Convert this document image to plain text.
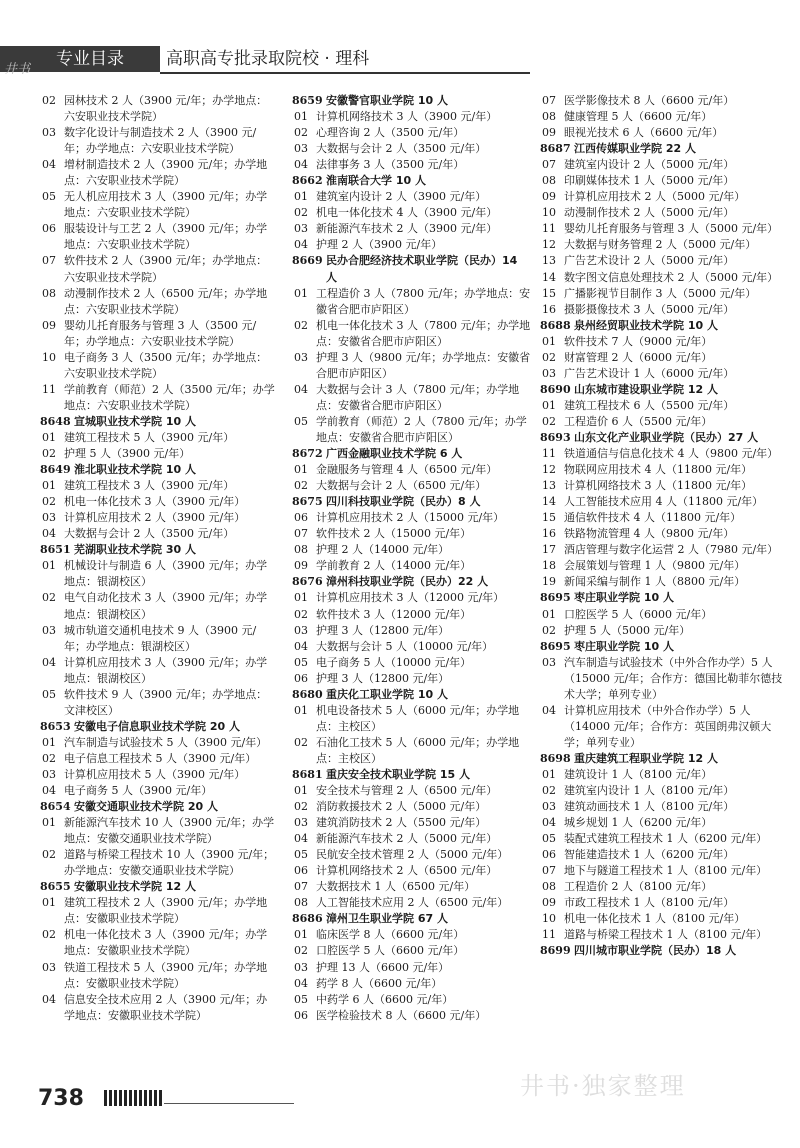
专业目录	高职高专批录取院校 · 理科
井书
02 园林技术 2 人（3900 元/年；办学地点：六安职业技术学院）
03 数字化设计与制造技术 2 人（3900 元/年；办学地点：六安职业技术学院）
04 增材制造技术 2 人（3900 元/年；办学地点：六安职业技术学院）
05 无人机应用技术 3 人（3900 元/年；办学地点：六安职业技术学院）
06 服装设计与工艺 2 人（3900 元/年；办学地点：六安职业技术学院）
07 软件技术 2 人（3900 元/年；办学地点：六安职业技术学院）
08 动漫制作技术 2 人（6500 元/年；办学地点：六安职业技术学院）
09 婴幼儿托育服务与管理 3 人（3500 元/年；办学地点：六安职业技术学院）
10 电子商务 3 人（3500 元/年；办学地点：六安职业技术学院）
11 学前教育（师范）2 人（3500 元/年；办学地点：六安职业技术学院）
8648 宣城职业技术学院 10 人
01 建筑工程技术 5 人（3900 元/年）
02 护理 5 人（3900 元/年）
8649 淮北职业技术学院 10 人
01 建筑工程技术 3 人（3900 元/年）
02 机电一体化技术 3 人（3900 元/年）
03 计算机应用技术 2 人（3900 元/年）
04 大数据与会计 2 人（3500 元/年）
8651 芜湖职业技术学院 30 人
01 机械设计与制造 6 人（3900 元/年；办学地点：银湖校区）
02 电气自动化技术 3 人（3900 元/年；办学地点：银湖校区）
03 城市轨道交通机电技术 9 人（3900 元/年；办学地点：银湖校区）
04 计算机应用技术 3 人（3900 元/年；办学地点：银湖校区）
05 软件技术 9 人（3900 元/年；办学地点：文津校区）
8653 安徽电子信息职业技术学院 20 人
01 汽车制造与试验技术 5 人（3900 元/年）
02 电子信息工程技术 5 人（3900 元/年）
03 计算机应用技术 5 人（3900 元/年）
04 电子商务 5 人（3900 元/年）
8654 安徽交通职业技术学院 20 人
01 新能源汽车技术 10 人（3900 元/年；办学地点：安徽交通职业技术学院）
02 道路与桥梁工程技术 10 人（3900 元/年；办学地点：安徽交通职业技术学院）
8655 安徽职业技术学院 12 人
01 建筑工程技术 2 人（3900 元/年；办学地点：安徽职业技术学院）
02 机电一体化技术 3 人（3900 元/年；办学地点：安徽职业技术学院）
03 铁道工程技术 5 人（3900 元/年；办学地点：安徽职业技术学院）
04 信息安全技术应用 2 人（3900 元/年；办学地点：安徽职业技术学院）
8659 安徽警官职业学院 10 人
01 计算机网络技术 3 人（3900 元/年）
02 心理咨询 2 人（3500 元/年）
03 大数据与会计 2 人（3500 元/年）
04 法律事务 3 人（3500 元/年）
8662 淮南联合大学 10 人
01 建筑室内设计 2 人（3900 元/年）
02 机电一体化技术 4 人（3900 元/年）
03 新能源汽车技术 2 人（3900 元/年）
04 护理 2 人（3900 元/年）
8669 民办合肥经济技术职业学院（民办）14 人
01 工程造价 3 人（7800 元/年；办学地点：安徽省合肥市庐阳区）
02 机电一体化技术 3 人（7800 元/年；办学地点：安徽省合肥市庐阳区）
03 护理 3 人（9800 元/年；办学地点：安徽省合肥市庐阳区）
04 大数据与会计 3 人（7800 元/年；办学地点：安徽省合肥市庐阳区）
05 学前教育（师范）2 人（7800 元/年；办学地点：安徽省合肥市庐阳区）
8672 广西金融职业技术学院 6 人
01 金融服务与管理 4 人（6500 元/年）
02 大数据与会计 2 人（6500 元/年）
8675 四川科技职业学院（民办）8 人
06 计算机应用技术 2 人（15000 元/年）
07 软件技术 2 人（15000 元/年）
08 护理 2 人（14000 元/年）
09 学前教育 2 人（14000 元/年）
8676 漳州科技职业学院（民办）22 人
01 计算机应用技术 3 人（12000 元/年）
02 软件技术 3 人（12000 元/年）
03 护理 3 人（12800 元/年）
04 大数据与会计 5 人（10000 元/年）
05 电子商务 5 人（10000 元/年）
06 护理 3 人（12800 元/年）
8680 重庆化工职业学院 10 人
01 机电设备技术 5 人（6000 元/年；办学地点：主校区）
02 石油化工技术 5 人（6000 元/年；办学地点：主校区）
8681 重庆安全技术职业学院 15 人
01 安全技术与管理 2 人（6500 元/年）
02 消防救援技术 2 人（5000 元/年）
03 建筑消防技术 2 人（5500 元/年）
04 新能源汽车技术 2 人（5000 元/年）
05 民航安全技术管理 2 人（5000 元/年）
06 计算机网络技术 2 人（6500 元/年）
07 大数据技术 1 人（6500 元/年）
08 人工智能技术应用 2 人（6500 元/年）
8686 漳州卫生职业学院 67 人
01 临床医学 8 人（6600 元/年）
02 口腔医学 5 人（6600 元/年）
03 护理 13 人（6600 元/年）
04 药学 8 人（6600 元/年）
05 中药学 6 人（6600 元/年）
06 医学检验技术 8 人（6600 元/年）
07 医学影像技术 8 人（6600 元/年）
08 健康管理 5 人（6600 元/年）
09 眼视光技术 6 人（6600 元/年）
8687 江西传媒职业学院 22 人
07 建筑室内设计 2 人（5000 元/年）
08 印刷媒体技术 1 人（5000 元/年）
09 计算机应用技术 2 人（5000 元/年）
10 动漫制作技术 2 人（5000 元/年）
11 婴幼儿托育服务与管理 3 人（5000 元/年）
12 大数据与财务管理 2 人（5000 元/年）
13 广告艺术设计 2 人（5000 元/年）
14 数字图文信息处理技术 2 人（5000 元/年）
15 广播影视节目制作 3 人（5000 元/年）
16 摄影摄像技术 3 人（5000 元/年）
8688 泉州经贸职业技术学院 10 人
01 软件技术 7 人（9000 元/年）
02 财富管理 2 人（6000 元/年）
03 广告艺术设计 1 人（6000 元/年）
8690 山东城市建设职业学院 12 人
01 建筑工程技术 6 人（5500 元/年）
02 工程造价 6 人（5500 元/年）
8693 山东文化产业职业学院（民办）27 人
11 铁道通信与信息化技术 4 人（9800 元/年）
12 物联网应用技术 4 人（11800 元/年）
13 计算机网络技术 3 人（11800 元/年）
14 人工智能技术应用 4 人（11800 元/年）
15 通信软件技术 4 人（11800 元/年）
16 铁路物流管理 4 人（9800 元/年）
17 酒店管理与数字化运营 2 人（7980 元/年）
18 会展策划与管理 1 人（9800 元/年）
19 新闻采编与制作 1 人（8800 元/年）
8695 枣庄职业学院 10 人
01 口腔医学 5 人（6000 元/年）
02 护理 5 人（5000 元/年）
8695 枣庄职业学院 10 人
03 汽车制造与试验技术（中外合作办学）5 人（15000 元/年；合作方：德国比勒菲尔德技术大学；单列专业）
04 计算机应用技术（中外合作办学）5 人（14000 元/年；合作方：英国朗弗汉顿大学；单列专业）
8698 重庆建筑工程职业学院 12 人
01 建筑设计 1 人（8100 元/年）
02 建筑室内设计 1 人（8100 元/年）
03 建筑动画技术 1 人（8100 元/年）
04 城乡规划 1 人（6200 元/年）
05 装配式建筑工程技术 1 人（6200 元/年）
06 智能建造技术 1 人（6200 元/年）
07 地下与隧道工程技术 1 人（8100 元/年）
08 工程造价 2 人（8100 元/年）
09 市政工程技术 1 人（8100 元/年）
10 机电一体化技术 1 人（8100 元/年）
11 道路与桥梁工程技术 1 人（8100 元/年）
8699 四川城市职业学院（民办）18 人
738	井书·独家整理
